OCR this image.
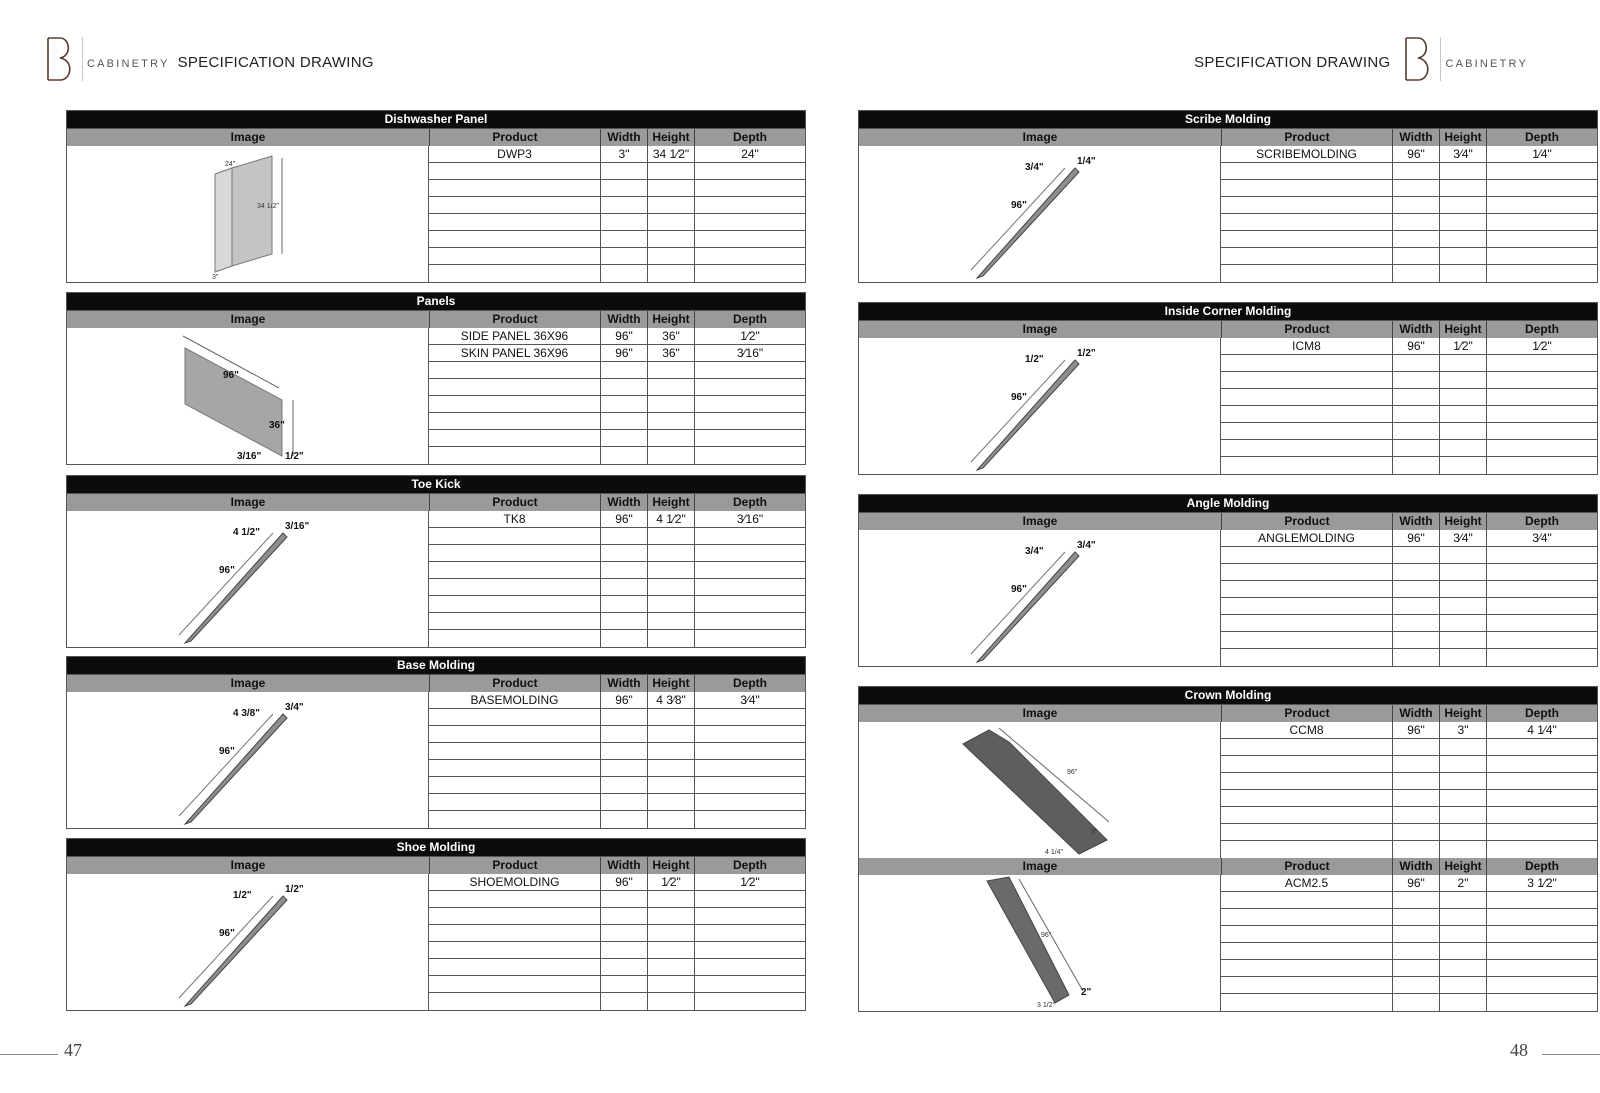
CABINETRY SPECIFICATION DRAWING	SPECIFICATION DRAWING	CABINETRY
Dishwasher Panel
Image	Product	Width Height	Depth
34 1/2"
24"
3"
DWP3	3"	34 1⁄2"	24"
Panels
Image	Product	Width Height	Depth
96"
36"
3/16" 1/2"
SIDE PANEL 36X96	96"	36"	1⁄2"
SKIN PANEL 36X96	96"	36"	3⁄16"
Toe Kick
Image	Product	Width Height	Depth
96"
4 1/2"
3/16"
TK8	96"	4 1⁄2"	3⁄16"
Base Molding
Image	Product	Width Height	Depth
96"
4 3/8"
3/4"
BASEMOLDING	96"	4 3⁄8"	3⁄4"
Shoe Molding
Image	Product	Width Height	Depth
96"
1/2"
1/2"
SHOEMOLDING	96"	1⁄2"	1⁄2"
Scribe Molding
Image	Product	Width Height	Depth
96"
3/4"
1/4"
SCRIBEMOLDING	96"	3⁄4"	1⁄4"
Inside Corner Molding
Image	Product	Width Height	Depth
96"
1/2"
1/2"
ICM8	96"	1⁄2"	1⁄2"
Angle Molding
Image	Product	Width Height	Depth
96"
3/4"
3/4"
ANGLEMOLDING	96"	3⁄4"	3⁄4"
Crown Molding
Image	Product	Width Height	Depth
96"
3"
4 1/4"
CCM8	96"	3"	4 1⁄4"
Image	Product	Width Height	Depth
96"
2"
3 1/2"
ACM2.5	96"	2"	3 1⁄2"
47	48
